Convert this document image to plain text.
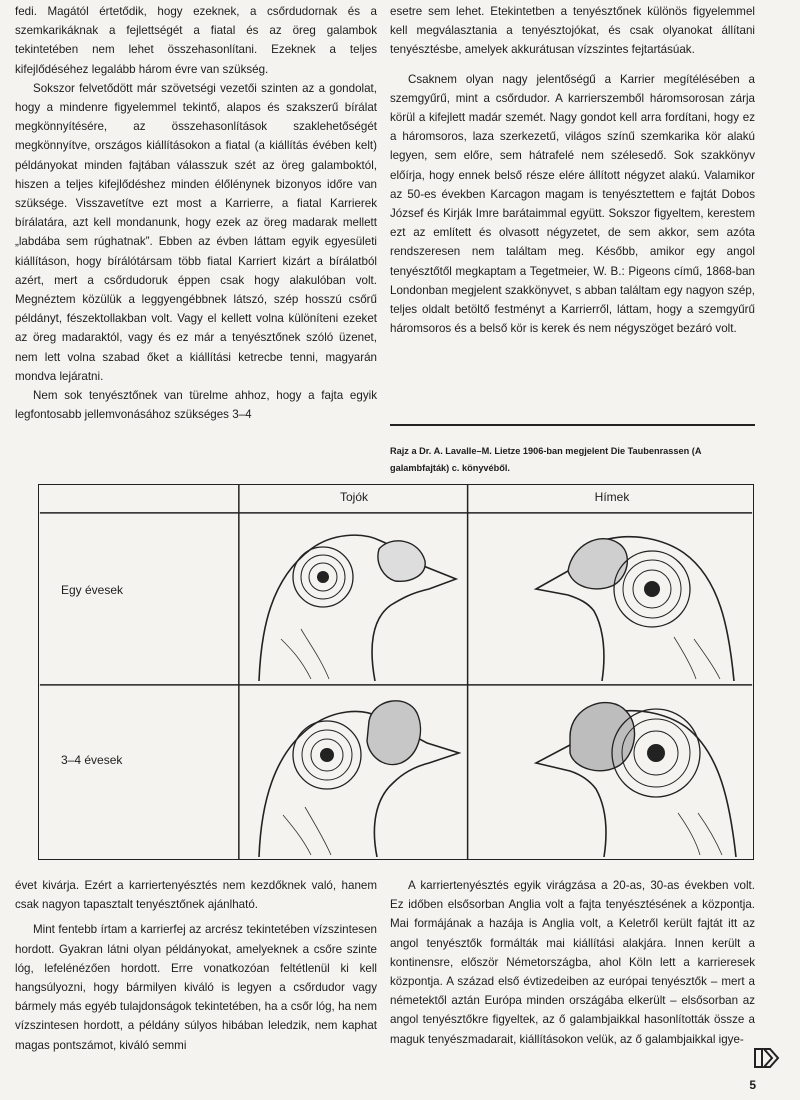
fedi. Magától értetődik, hogy ezeknek, a csőrdudornak és a szemkarikáknak a fejlettségét a fiatal és az öreg galambok tekintetében nem lehet összehasonlítani. Ezeknek a teljes kifejlődéséhez legalább három évre van szükség.

Sokszor felvetődött már szövetségi vezetői szinten az a gondolat, hogy a mindenre figyelemmel tekintő, alapos és szakszerű bírálat megkönnyítésére, az összehasonlítások szaklehetőségét megkönnyítve, országos kiállításokon a fiatal (a kiállítás évében kelt) példányokat minden fajtában válasszuk szét az öreg galamboktól, hiszen a teljes kifejlődéshez minden élőlénynek bizonyos időre van szüksége. Visszavetítve ezt most a Karrierre, a fiatal Karrierek bírálatára, azt kell mondanunk, hogy ezek az öreg madarak mellett „labdába sem rúghatnak”. Ebben az évben láttam egyik egyesületi kiállításon, hogy bírálótársam több fiatal Karriert kizárt a bírálatból azért, mert a csőrdudoruk éppen csak hogy alakulóban volt. Megnéztem közülük a leggyengébbnek látszó, szép hosszú csőrű példányt, fészektollakban volt. Vagy el kellett volna különíteni ezeket az öreg madaraktól, vagy és ez már a tenyésztőnek szóló üzenet, nem lett volna szabad őket a kiállítási ketrecbe tenni, magyarán mondva lejáratni.

Nem sok tenyésztőnek van türelme ahhoz, hogy a fajta egyik legfontosabb jellemvonásához szükséges 3–4

esetre sem lehet. Etekintetben a tenyésztőnek különös figyelemmel kell megválasztania a tenyésztojókat, és csak olyanokat állítani tenyésztésbe, amelyek akkurátusan vízszintes fejtartásúak.

Csaknem olyan nagy jelentőségű a Karrier megítélésében a szemgyűrű, mint a csőrdudor. A karrierszemből háromsorosan zárja körül a kifejlett madár szemét. Nagy gondot kell arra fordítani, hogy ez a háromsoros, laza szerkezetű, világos színű szemkarika kör alakú legyen, sem előre, sem hátrafelé nem szélesedő. Sok szakkönyv előírja, hogy ennek belső része elére állított négyzet alakú. Valamikor az 50-es években Karcagon magam is tenyésztettem e fajtát Dobos József és Kirják Imre barátaimmal együtt. Sokszor figyeltem, kerestem ezt az említett és olvasott négyzetet, de sem akkor, sem azóta rendszeresen nem találtam meg. Később, amikor egy angol tenyésztőtől megkaptam a Tegetmeier, W. B.: Pigeons című, 1868-ban Londonban megjelent szakkönyvet, s abban találtam egy nagyon szép, teljes oldalt betöltő festményt a Karrierről, láttam, hogy a szemgyűrű háromsoros és a belső kör is kerek és nem négyszöget bezáró volt.

Rajz a Dr. A. Lavalle–M. Lietze 1906-ban megjelent Die Taubenrassen (A galambfajták) c. könyvéből.
Tojók	Hímek
Egy évesek
3–4 évesek

évet kivárja. Ezért a karriertenyésztés nem kezdőknek való, hanem csak nagyon tapasztalt tenyésztőnek ajánlható.

Mint fentebb írtam a karrierfej az arcrész tekintetében vízszintesen hordott. Gyakran látni olyan példányokat, amelyeknek a csőre szinte lóg, lefelénézően hordott. Erre vonatkozóan feltétlenül ki kell hangsúlyozni, hogy bármilyen kiváló is legyen a csőrdudor vagy bármely más egyéb tulajdonságok tekintetében, ha a csőr lóg, ha nem vízszintesen hordott, a példány súlyos hibában leledzik, nem kaphat magas pontszámot, kiváló semmi

A karriertenyésztés egyik virágzása a 20-as, 30-as években volt. Ez időben elsősorban Anglia volt a fajta tenyésztésének a központja. Mai formájának a hazája is Anglia volt, a Keletről került fajtát itt az angol tenyésztők formálták mai kiállítási alakjára. Innen került a kontinensre, először Németországba, ahol Köln lett a karrieresek központja. A század első évtizedeiben az európai tenyésztők – mert a németektől aztán Európa minden országába elkerült – elsősorban az angol tenyésztőkre figyeltek, az ő galambjaikkal hasonlították össze a maguk tenyészmadarait, kiállításokon velük, az ő galambjaikkal igye-

5
